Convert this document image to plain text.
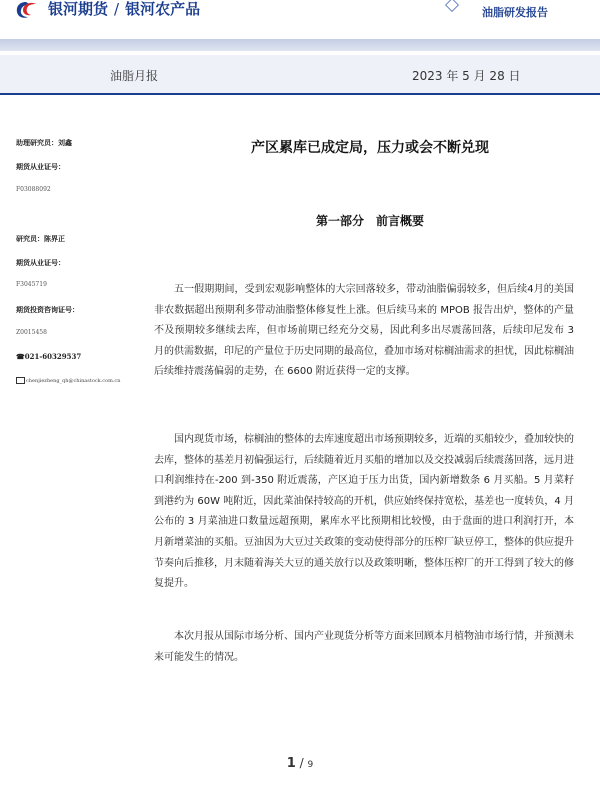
银河期货 / 银河农产品	油脂研发报告
油脂月报	2023 年 5 月 28 日
助理研究员：刘鑫
期货从业证号：
F03088092
研究员：陈界正
期货从业证号：
F3045719
期货投资咨询证号：
Z0015458
☎021-60329537
chenjiezheng_qh@chinastock.com.cn
产区累库已成定局，压力或会不断兑现
第一部分　前言概要

五一假期期间，受到宏观影响整体的大宗回落较多，带动油脂偏弱较多，但后续4月的美国非农数据超出预期利多带动油脂整体修复性上涨。但后续马来的 MPOB 报告出炉，整体的产量不及预期较多继续去库，但市场前期已经充分交易，因此利多出尽震荡回落，后续印尼发布 3 月的供需数据，印尼的产量位于历史同期的最高位，叠加市场对棕榈油需求的担忧，因此棕榈油后续维持震荡偏弱的走势，在 6600 附近获得一定的支撑。

国内现货市场，棕榈油的整体的去库速度超出市场预期较多，近端的买船较少，叠加较快的去库，整体的基差月初偏强运行，后续随着近月买船的增加以及交投减弱后续震荡回落，远月进口利润维持在-200 到-350 附近震荡，产区迫于压力出货，国内新增数条 6 月买船。5 月菜籽到港约为 60W 吨附近，因此菜油保持较高的开机，供应始终保持宽松，基差也一度转负，4 月公布的 3 月菜油进口数量远超预期，累库水平比预期相比较慢，由于盘面的进口利润打开，本月新增菜油的买船。豆油因为大豆过关政策的变动使得部分的压榨厂缺豆停工，整体的供应提升节奏向后推移，月末随着海关大豆的通关放行以及政策明晰，整体压榨厂的开工得到了较大的修复提升。

本次月报从国际市场分析、国内产业现货分析等方面来回顾本月植物油市场行情，并预测未来可能发生的情况。

1 / 9
